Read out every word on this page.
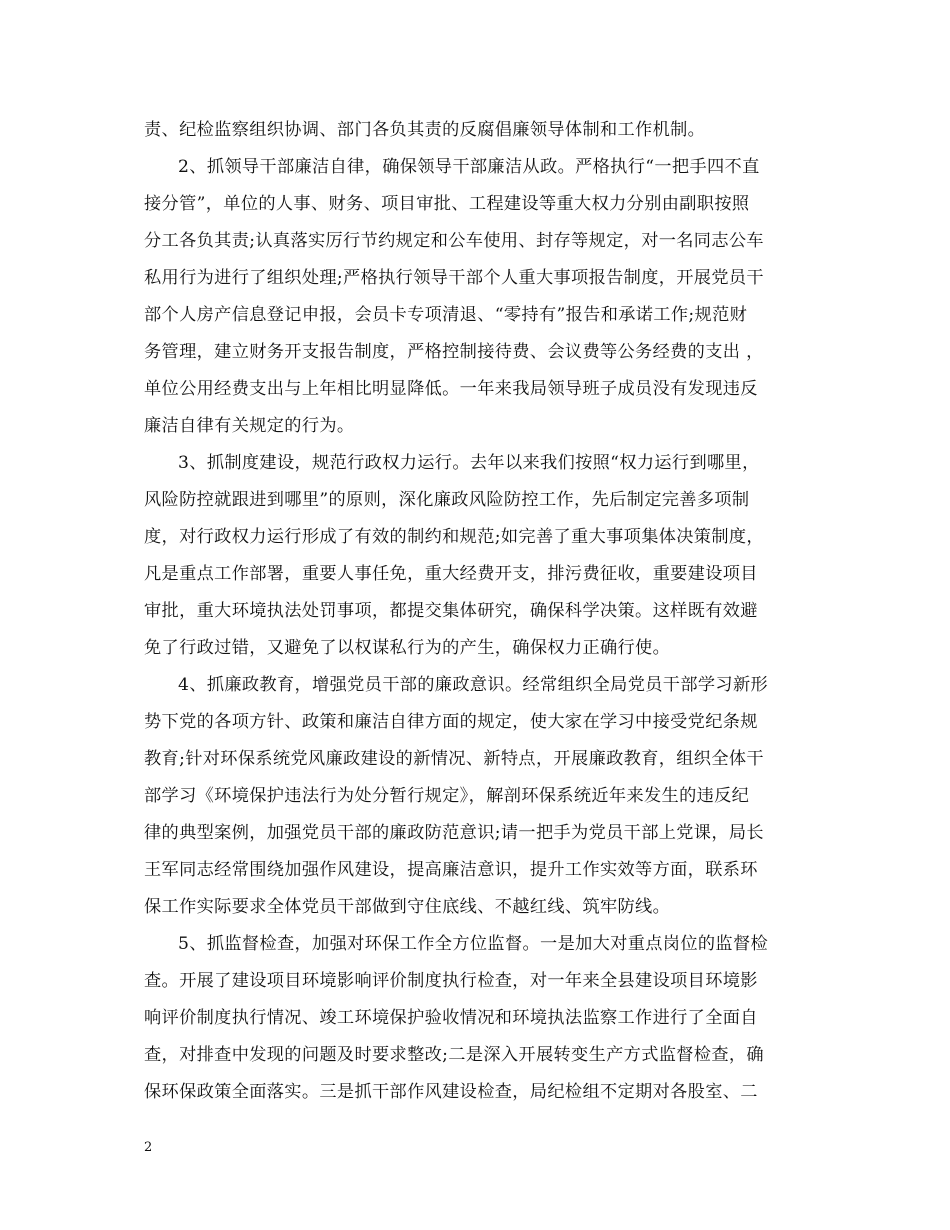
责、纪检监察组织协调、部门各负其责的反腐倡廉领导体制和工作机制。
2、抓领导干部廉洁自律，确保领导干部廉洁从政。严格执行“一把手四不直
接分管”，单位的人事、财务、项目审批、工程建设等重大权力分别由副职按照
分工各负其责;认真落实厉行节约规定和公车使用、封存等规定，对一名同志公车
私用行为进行了组织处理;严格执行领导干部个人重大事项报告制度，开展党员干
部个人房产信息登记申报，会员卡专项清退、“零持有”报告和承诺工作;规范财
务管理，建立财务开支报告制度，严格控制接待费、会议费等公务经费的支出 ，
单位公用经费支出与上年相比明显降低。一年来我局领导班子成员没有发现违反
廉洁自律有关规定的行为。
3、抓制度建设，规范行政权力运行。去年以来我们按照“权力运行到哪里，
风险防控就跟进到哪里”的原则，深化廉政风险防控工作，先后制定完善多项制
度，对行政权力运行形成了有效的制约和规范;如完善了重大事项集体决策制度，
凡是重点工作部署，重要人事任免，重大经费开支，排污费征收，重要建设项目
审批，重大环境执法处罚事项，都提交集体研究，确保科学决策。这样既有效避
免了行政过错，又避免了以权谋私行为的产生，确保权力正确行使。
4、抓廉政教育，增强党员干部的廉政意识。经常组织全局党员干部学习新形
势下党的各项方针、政策和廉洁自律方面的规定，使大家在学习中接受党纪条规
教育;针对环保系统党风廉政建设的新情况、新特点，开展廉政教育，组织全体干
部学习《环境保护违法行为处分暂行规定》，解剖环保系统近年来发生的违反纪
律的典型案例，加强党员干部的廉政防范意识;请一把手为党员干部上党课，局长
王军同志经常围绕加强作风建设，提高廉洁意识，提升工作实效等方面，联系环
保工作实际要求全体党员干部做到守住底线、不越红线、筑牢防线。
5、抓监督检查，加强对环保工作全方位监督。一是加大对重点岗位的监督检
查。开展了建设项目环境影响评价制度执行检查，对一年来全县建设项目环境影
响评价制度执行情况、竣工环境保护验收情况和环境执法监察工作进行了全面自
查，对排查中发现的问题及时要求整改;二是深入开展转变生产方式监督检查，确
保环保政策全面落实。三是抓干部作风建设检查，局纪检组不定期对各股室、二
2
